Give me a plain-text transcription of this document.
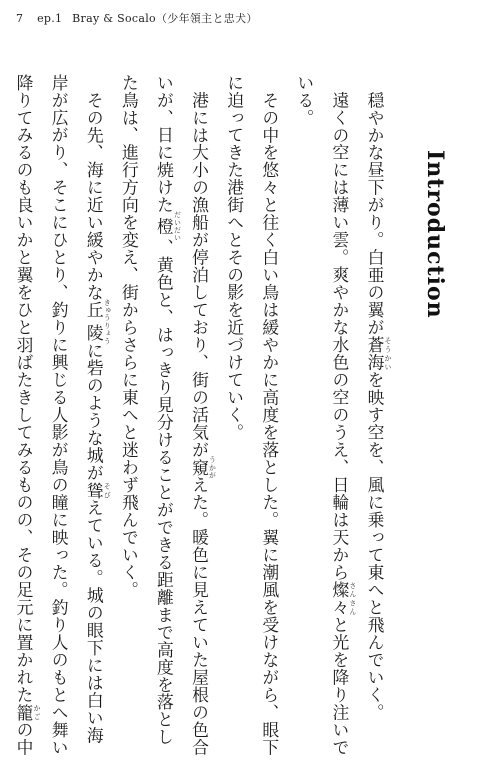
7 ep.1 Bray & Socalo（少年領主と忠犬）
Introduction

　穏やかな昼下がり。白亜の翼が蒼海 そうかいを映す空を、風に乗って東へと飛んでいく。

　遠くの空には薄い雲。爽やかな水色の空のうえ、日輪は天から燦々 さんさんと光を降り注いでいる。

　その中を悠々と往く白い鳥は緩やかに高度を落とした。翼に潮風を受けながら、眼下に迫ってきた港街へとその影を近づけていく。

　港には大小の漁船が停泊しており、街の活気が窺 うかがえた。暖色に見えていた屋根の色合いが、日に焼けた橙 だいだい、黄色と、はっきり見分けることができる距離まで高度を落とした鳥は、進行方向を変え、街からさらに東へと迷わず飛んでいく。

　その先、海に近い緩やかな丘陵 きゅうりょうに砦のような城が聳 そびえている。城の眼下には白い海岸が広がり、そこにひとり、釣りに興じる人影が鳥の瞳に映った。釣り人のもとへ舞い降りてみるのも良いかと翼をひと羽ばたきしてみるものの、その足元に置かれた籠 かごの中
